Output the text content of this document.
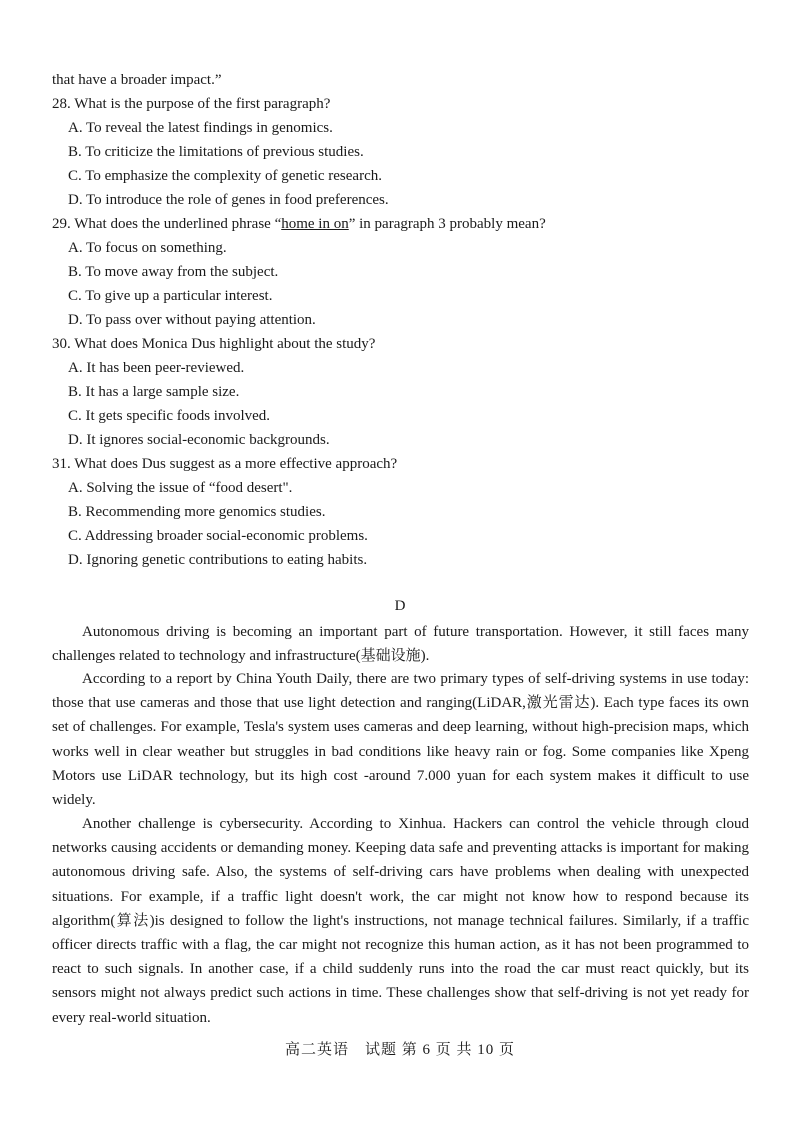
that have a broader impact.”
28. What is the purpose of the first paragraph?
A. To reveal the latest findings in genomics.
B. To criticize the limitations of previous studies.
C. To emphasize the complexity of genetic research.
D. To introduce the role of genes in food preferences.
29. What does the underlined phrase “home in on” in paragraph 3 probably mean?
A. To focus on something.
B. To move away from the subject.
C. To give up a particular interest.
D. To pass over without paying attention.
30. What does Monica Dus highlight about the study?
A. It has been peer-reviewed.
B. It has a large sample size.
C. It gets specific foods involved.
D. It ignores social-economic backgrounds.
31. What does Dus suggest as a more effective approach?
A. Solving the issue of “food desert".
B. Recommending more genomics studies.
C. Addressing broader social-economic problems.
D. Ignoring genetic contributions to eating habits.
D

Autonomous driving is becoming an important part of future transportation. However, it still faces many challenges related to technology and infrastructure(基础设施).

According to a report by China Youth Daily, there are two primary types of self-driving systems in use today: those that use cameras and those that use light detection and ranging(LiDAR,激光雷达). Each type faces its own set of challenges. For example, Tesla's system uses cameras and deep learning, without high-precision maps, which works well in clear weather but struggles in bad conditions like heavy rain or fog. Some companies like Xpeng Motors use LiDAR technology, but its high cost -around 7.000 yuan for each system makes it difficult to use widely.

Another challenge is cybersecurity. According to Xinhua. Hackers can control the vehicle through cloud networks causing accidents or demanding money. Keeping data safe and preventing attacks is important for making autonomous driving safe. Also, the systems of self-driving cars have problems when dealing with unexpected situations. For example, if a traffic light doesn't work, the car might not know how to respond because its algorithm(算法)is designed to follow the light's instructions, not manage technical failures. Similarly, if a traffic officer directs traffic with a flag, the car might not recognize this human action, as it has not been programmed to react to such signals. In another case, if a child suddenly runs into the road the car must react quickly, but its sensors might not always predict such actions in time. These challenges show that self-driving is not yet ready for every real-world situation.

高二英语　试题 第 6 页 共 10 页
